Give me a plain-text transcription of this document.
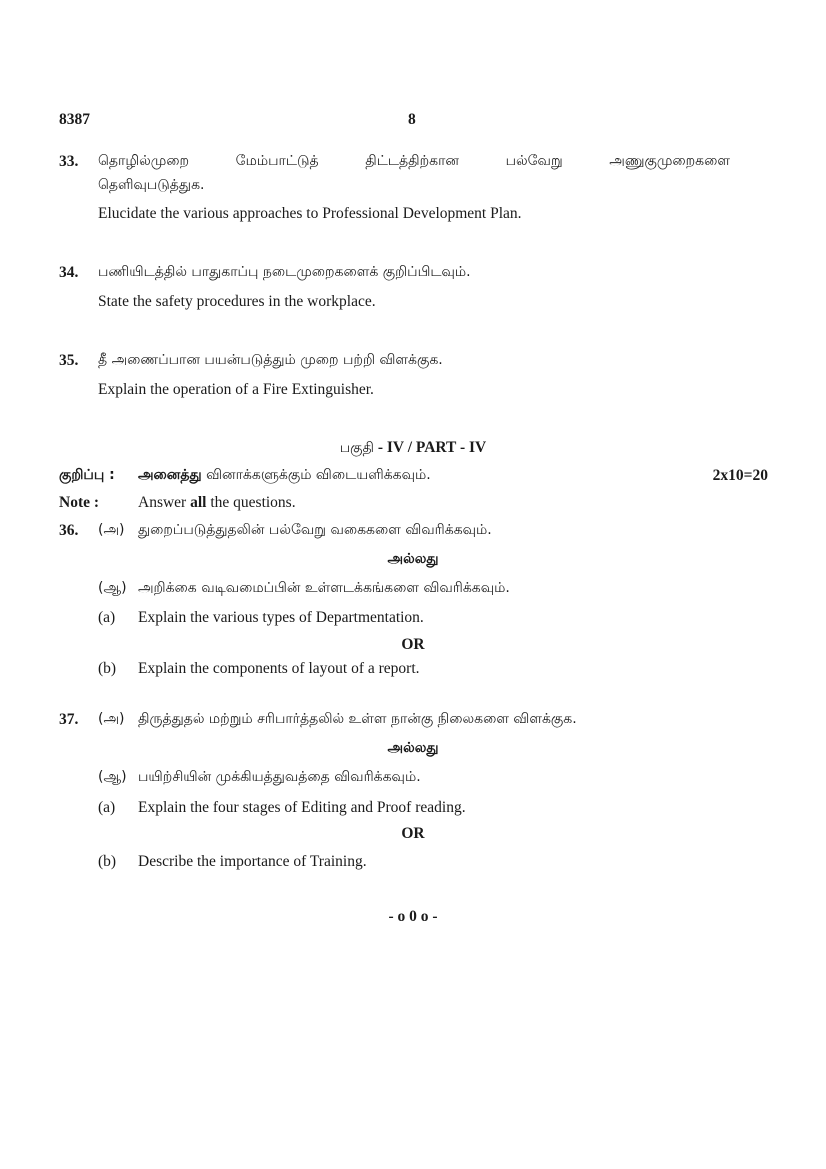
8387	8
33. தொழில்முறை மேம்பாட்டுத் திட்டத்திற்கான பல்வேறு அணுகுமுறைகளை
தெளிவுபடுத்துக.
Elucidate the various approaches to Professional Development Plan.
34. பணியிடத்தில் பாதுகாப்பு நடைமுறைகளைக் குறிப்பிடவும்.
State the safety procedures in the workplace.
35. தீ அணைப்பான பயன்படுத்தும் முறை பற்றி விளக்குக.
Explain the operation of a Fire Extinguisher.
பகுதி - IV / PART - IV
குறிப்பு : அனைத்து வினாக்களுக்கும் விடையளிக்கவும்.	2x10=20
Note :	Answer all the questions.
36. (அ) துறைப்படுத்துதலின் பல்வேறு வகைகளை விவரிக்கவும்.
அல்லது
(ஆ) அறிக்கை வடிவமைப்பின் உள்ளடக்கங்களை விவரிக்கவும்.
(a) Explain the various types of Departmentation.
OR
(b) Explain the components of layout of a report.
37. (அ) திருத்துதல் மற்றும் சரிபார்த்தலில் உள்ள நான்கு நிலைகளை விளக்குக.
அல்லது
(ஆ) பயிற்சியின் முக்கியத்துவத்தை விவரிக்கவும்.
(a) Explain the four stages of Editing and Proof reading.
OR
(b) Describe the importance of Training.
- o 0 o -
